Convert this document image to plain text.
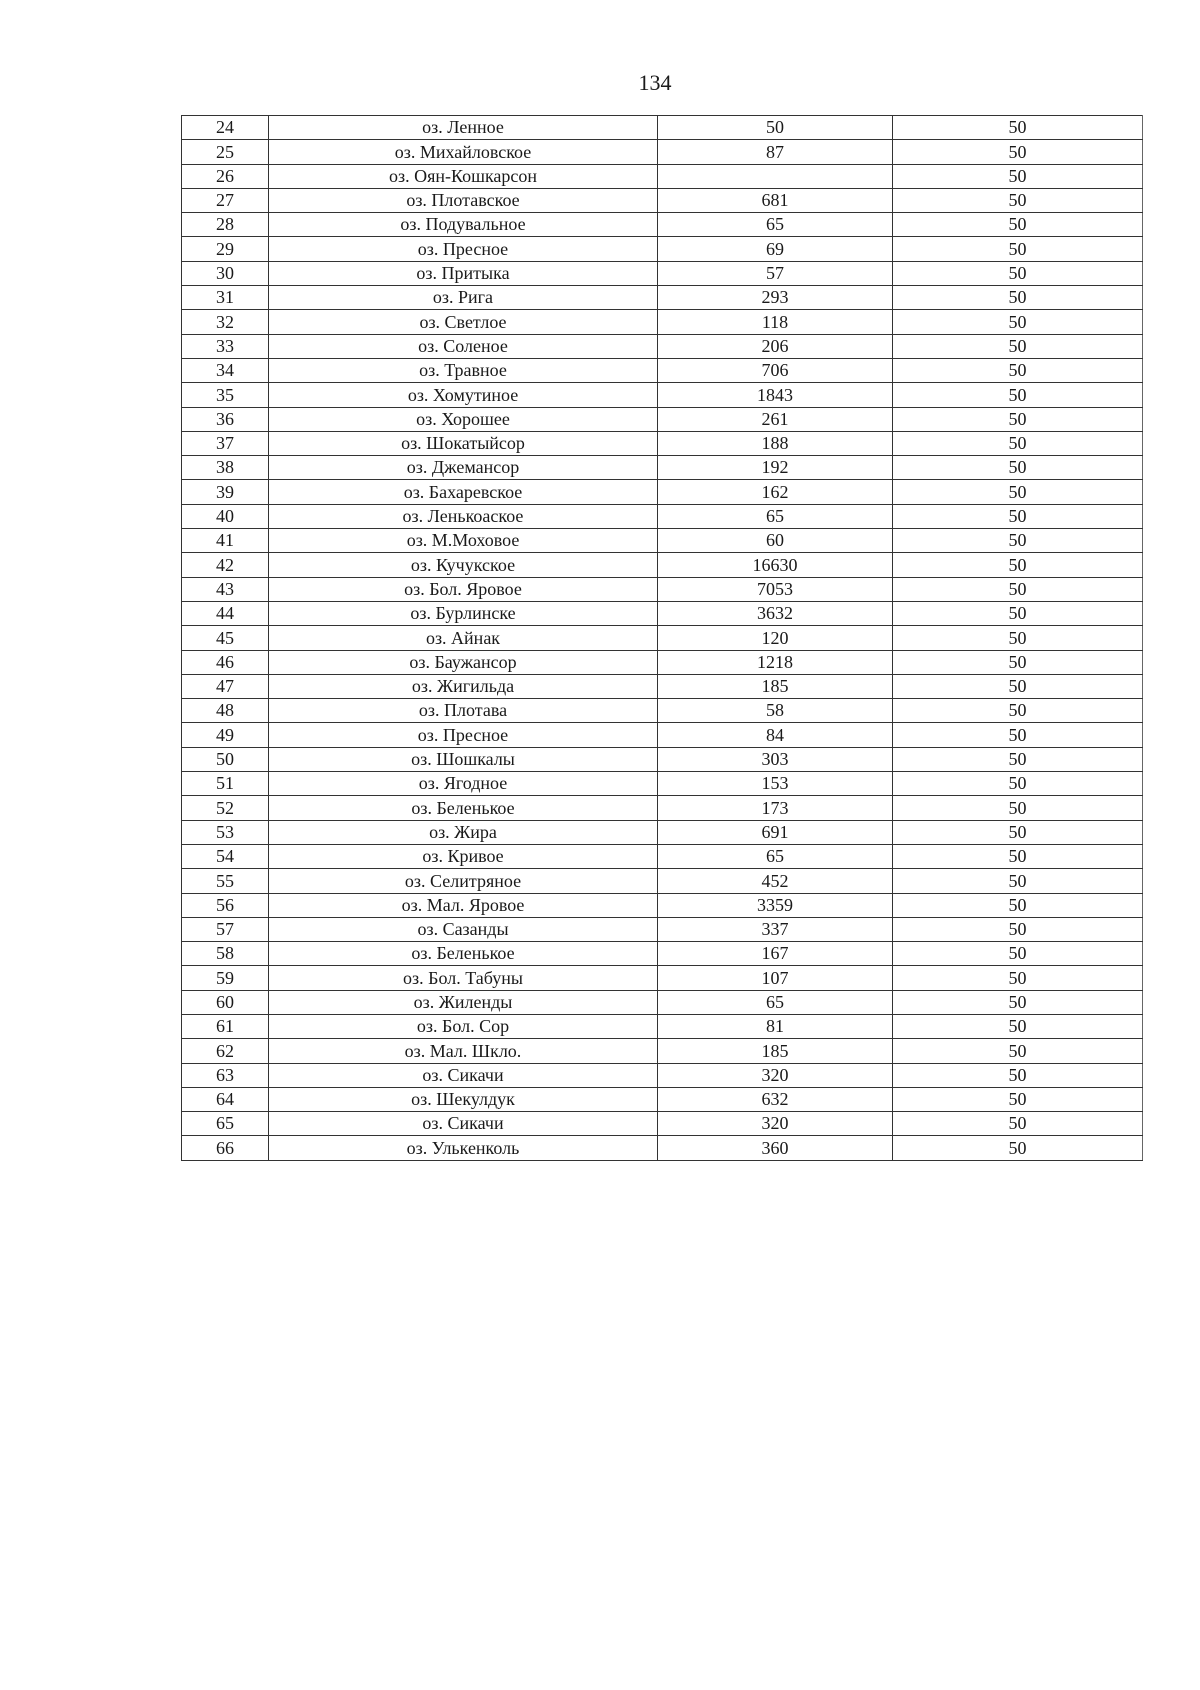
134
24	оз. Ленное	50	50
25	оз. Михайловское	87	50
26	оз. Оян-Кошкарсон		50
27	оз. Плотавское	681	50
28	оз. Подувальное	65	50
29	оз. Пресное	69	50
30	оз. Притыка	57	50
31	оз. Рига	293	50
32	оз. Светлое	118	50
33	оз. Соленое	206	50
34	оз. Травное	706	50
35	оз. Хомутиное	1843	50
36	оз. Хорошее	261	50
37	оз. Шокатыйсор	188	50
38	оз. Джемансор	192	50
39	оз. Бахаревское	162	50
40	оз. Ленькоаское	65	50
41	оз. М.Моховое	60	50
42	оз. Кучукское	16630	50
43	оз. Бол. Яровое	7053	50
44	оз. Бурлинске	3632	50
45	оз. Айнак	120	50
46	оз. Баужансор	1218	50
47	оз. Жигильда	185	50
48	оз. Плотава	58	50
49	оз. Пресное	84	50
50	оз. Шошкалы	303	50
51	оз. Ягодное	153	50
52	оз. Беленькое	173	50
53	оз. Жира	691	50
54	оз. Кривое	65	50
55	оз. Селитряное	452	50
56	оз. Мал. Яровое	3359	50
57	оз. Сазанды	337	50
58	оз. Беленькое	167	50
59	оз. Бол. Табуны	107	50
60	оз. Жиленды	65	50
61	оз. Бол. Сор	81	50
62	оз. Мал. Шкло.	185	50
63	оз. Сикачи	320	50
64	оз. Шекулдук	632	50
65	оз. Сикачи	320	50
66	оз. Улькенколь	360	50
